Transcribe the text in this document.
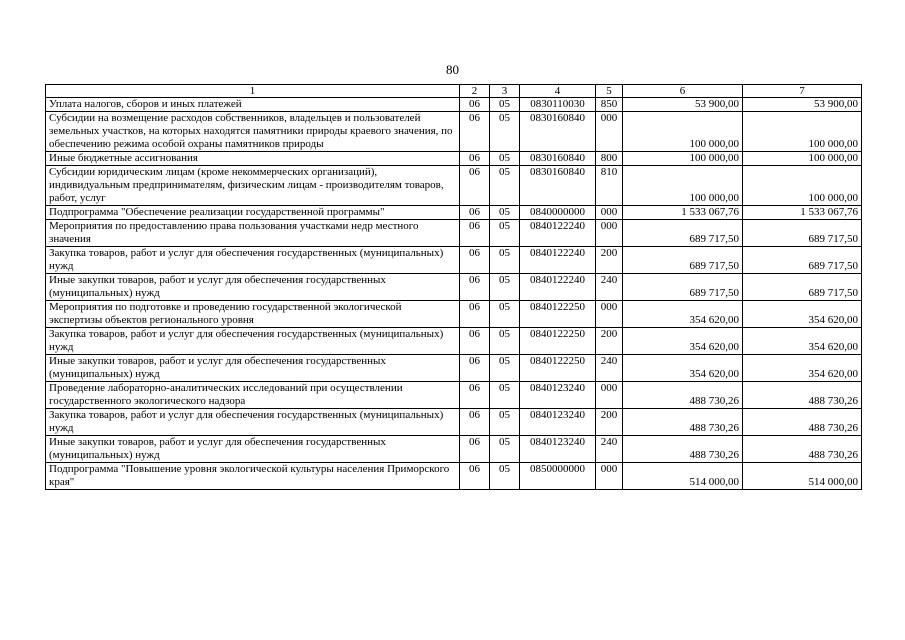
80
1	2	3	4	5	6	7
Уплата налогов, сборов и иных платежей	06	05	0830110030	850	53 900,00	53 900,00
Субсидии на возмещение расходов собственников, владельцев и пользователей земельных участков, на которых находятся памятники природы краевого значения, по обеспечению режима особой охраны памятников природы	06	05	0830160840	000	100 000,00	100 000,00
Иные бюджетные ассигнования	06	05	0830160840	800	100 000,00	100 000,00
Субсидии юридическим лицам (кроме некоммерческих организаций), индивидуальным предпринимателям, физическим лицам - производителям товаров, работ, услуг	06	05	0830160840	810	100 000,00	100 000,00
Подпрограмма "Обеспечение реализации государственной программы"	06	05	0840000000	000	1 533 067,76	1 533 067,76
Мероприятия по предоставлению права пользования участками недр местного значения	06	05	0840122240	000	689 717,50	689 717,50
Закупка товаров, работ и услуг для обеспечения государственных (муниципальных) нужд	06	05	0840122240	200	689 717,50	689 717,50
Иные закупки товаров, работ и услуг для обеспечения государственных (муниципальных) нужд	06	05	0840122240	240	689 717,50	689 717,50
Мероприятия по подготовке и проведению государственной экологической экспертизы объектов регионального уровня	06	05	0840122250	000	354 620,00	354 620,00
Закупка товаров, работ и услуг для обеспечения государственных (муниципальных) нужд	06	05	0840122250	200	354 620,00	354 620,00
Иные закупки товаров, работ и услуг для обеспечения государственных (муниципальных) нужд	06	05	0840122250	240	354 620,00	354 620,00
Проведение лабораторно-аналитических исследований при осуществлении государственного экологического надзора	06	05	0840123240	000	488 730,26	488 730,26
Закупка товаров, работ и услуг для обеспечения государственных (муниципальных) нужд	06	05	0840123240	200	488 730,26	488 730,26
Иные закупки товаров, работ и услуг для обеспечения государственных (муниципальных) нужд	06	05	0840123240	240	488 730,26	488 730,26
Подпрограмма "Повышение уровня экологической культуры населения Приморского края"	06	05	0850000000	000	514 000,00	514 000,00
